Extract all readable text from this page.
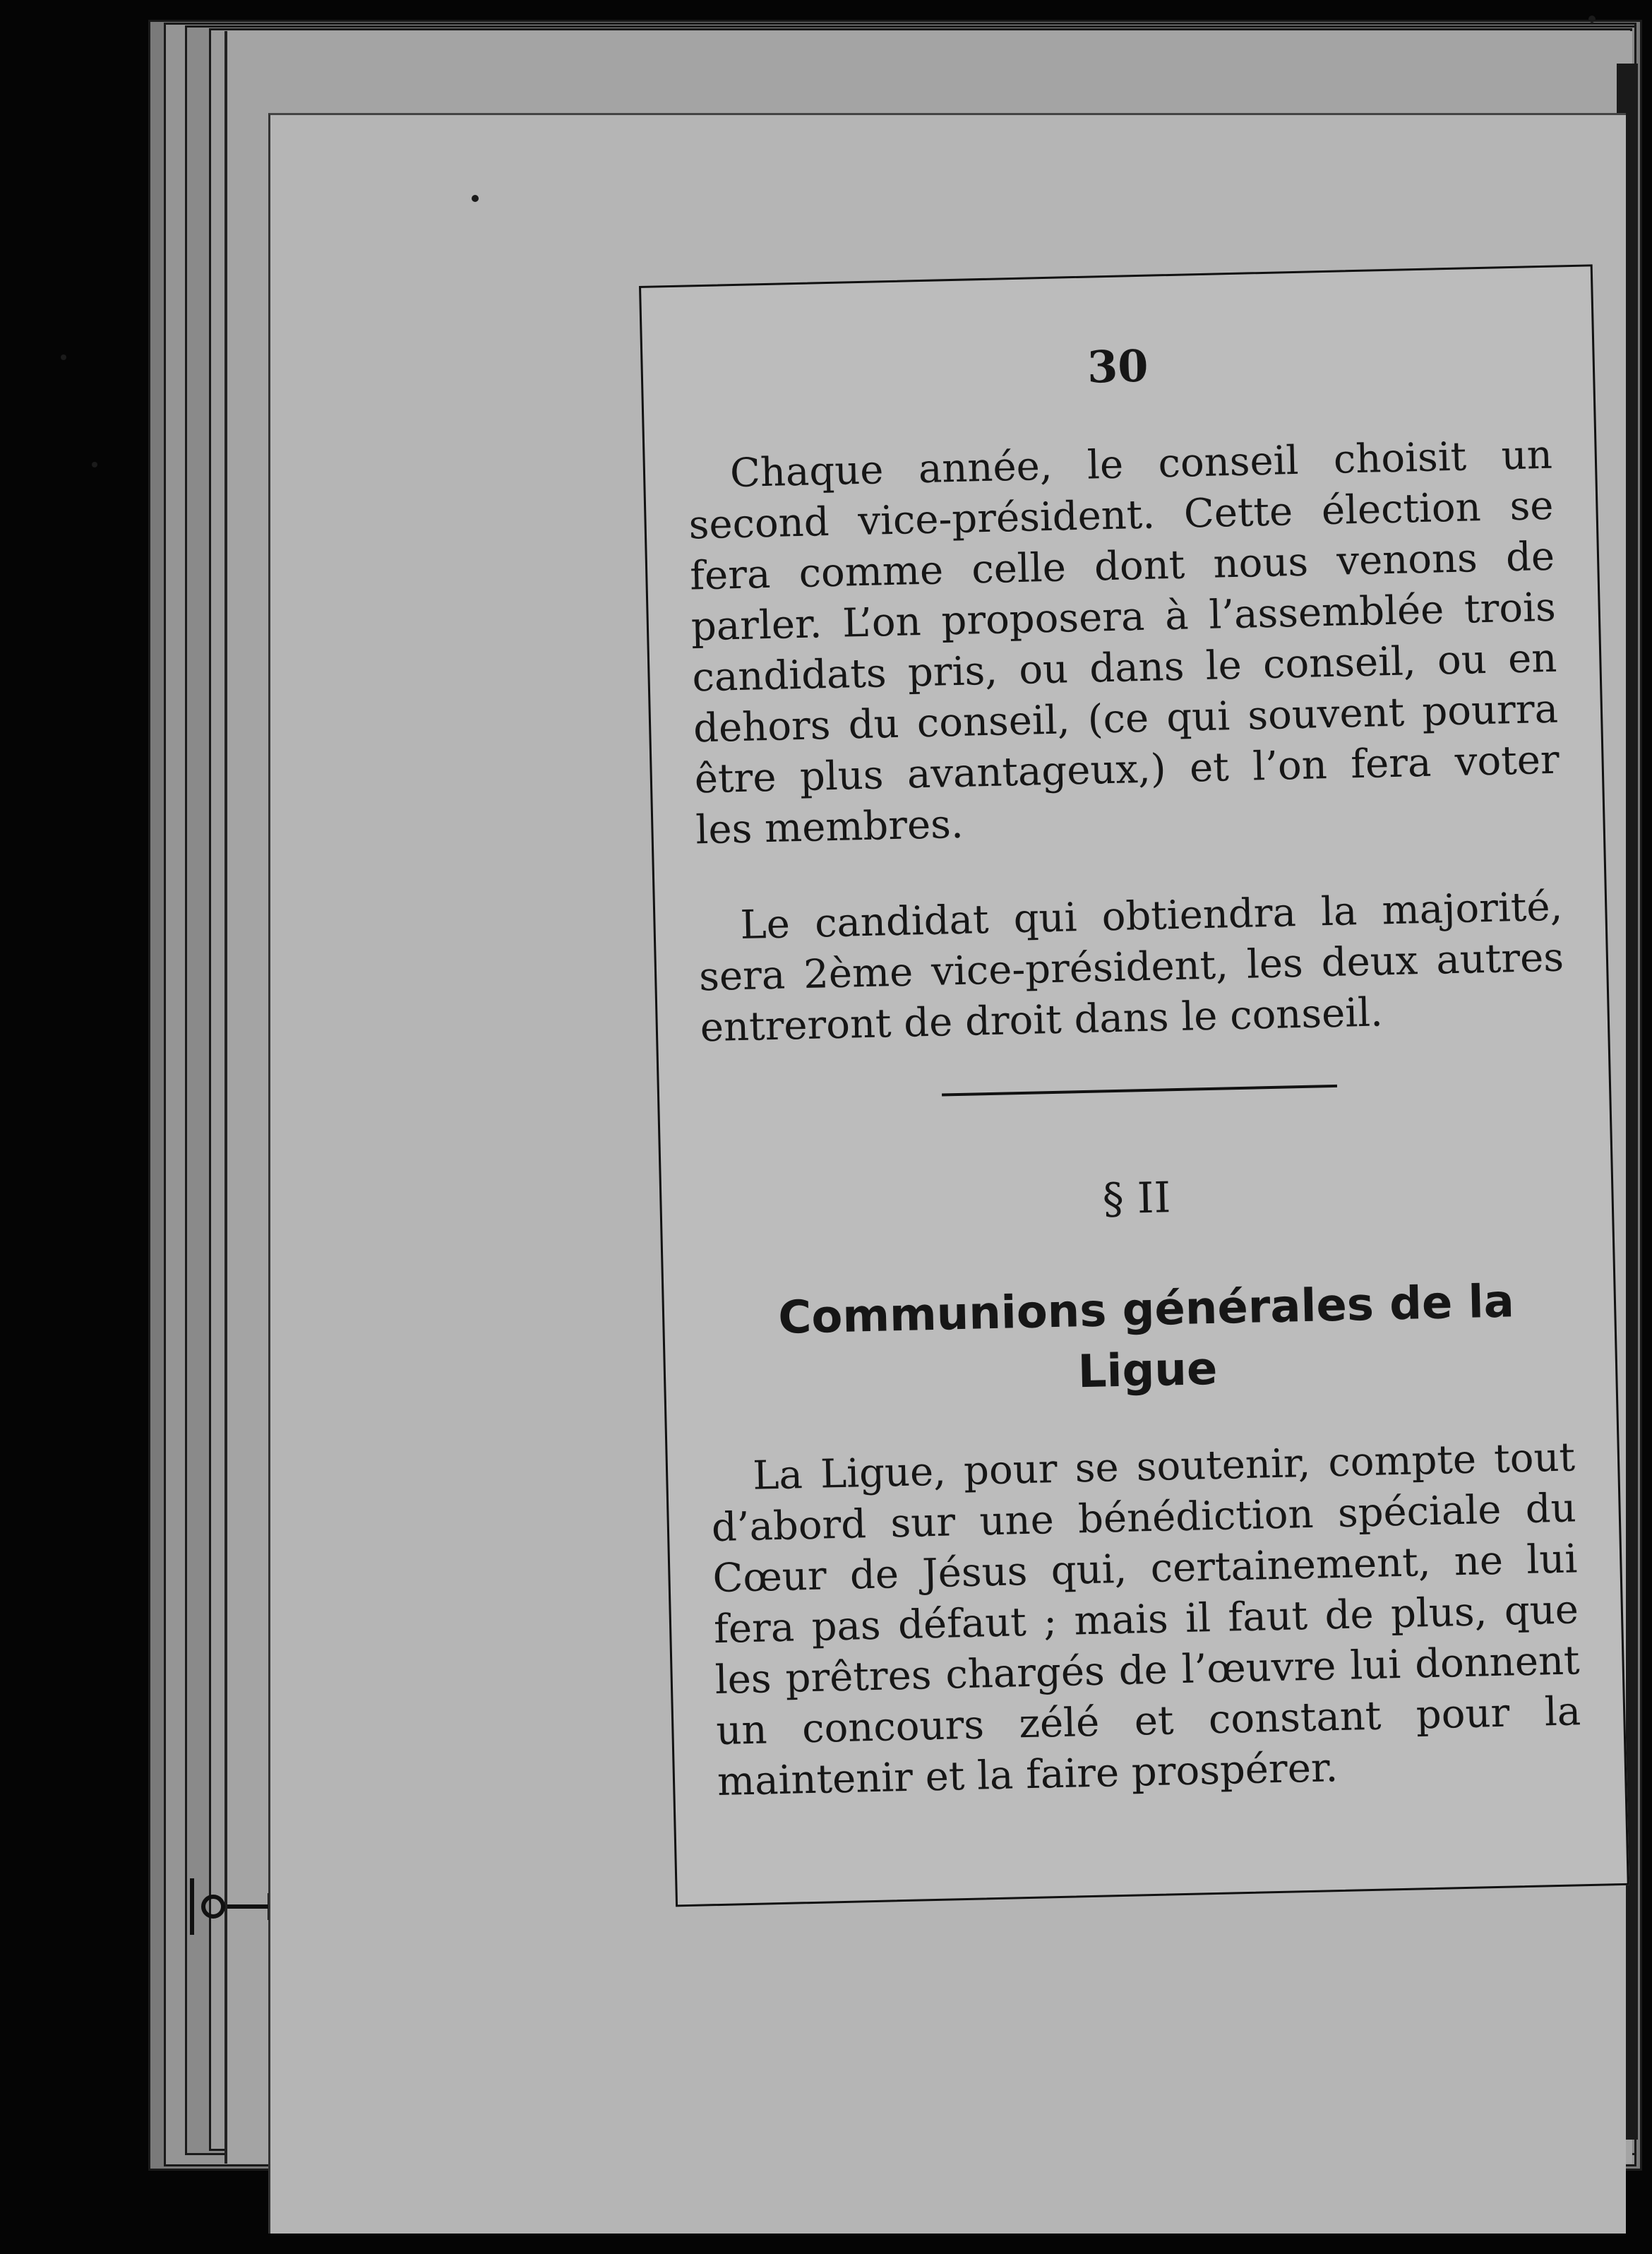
30

Chaque année, le conseil choisit un second vice-président. Cette élection se fera comme celle dont nous venons de parler. L’on proposera à l’assemblée trois candidats pris, ou dans le conseil, ou en dehors du conseil, (ce qui souvent pourra être plus avantageux,) et l’on fera voter les membres.

Le candidat qui obtiendra la majorité, sera 2ème vice-président, les deux autres entreront de droit dans le conseil.

§ II
Communions générales de la Ligue

La Ligue, pour se soutenir, compte tout d’abord sur une bénédiction spéciale du Cœur de Jésus qui, certainement, ne lui fera pas défaut ; mais il faut de plus, que les prêtres chargés de l’œuvre lui donnent un concours zélé et constant pour la maintenir et la faire prospérer.
